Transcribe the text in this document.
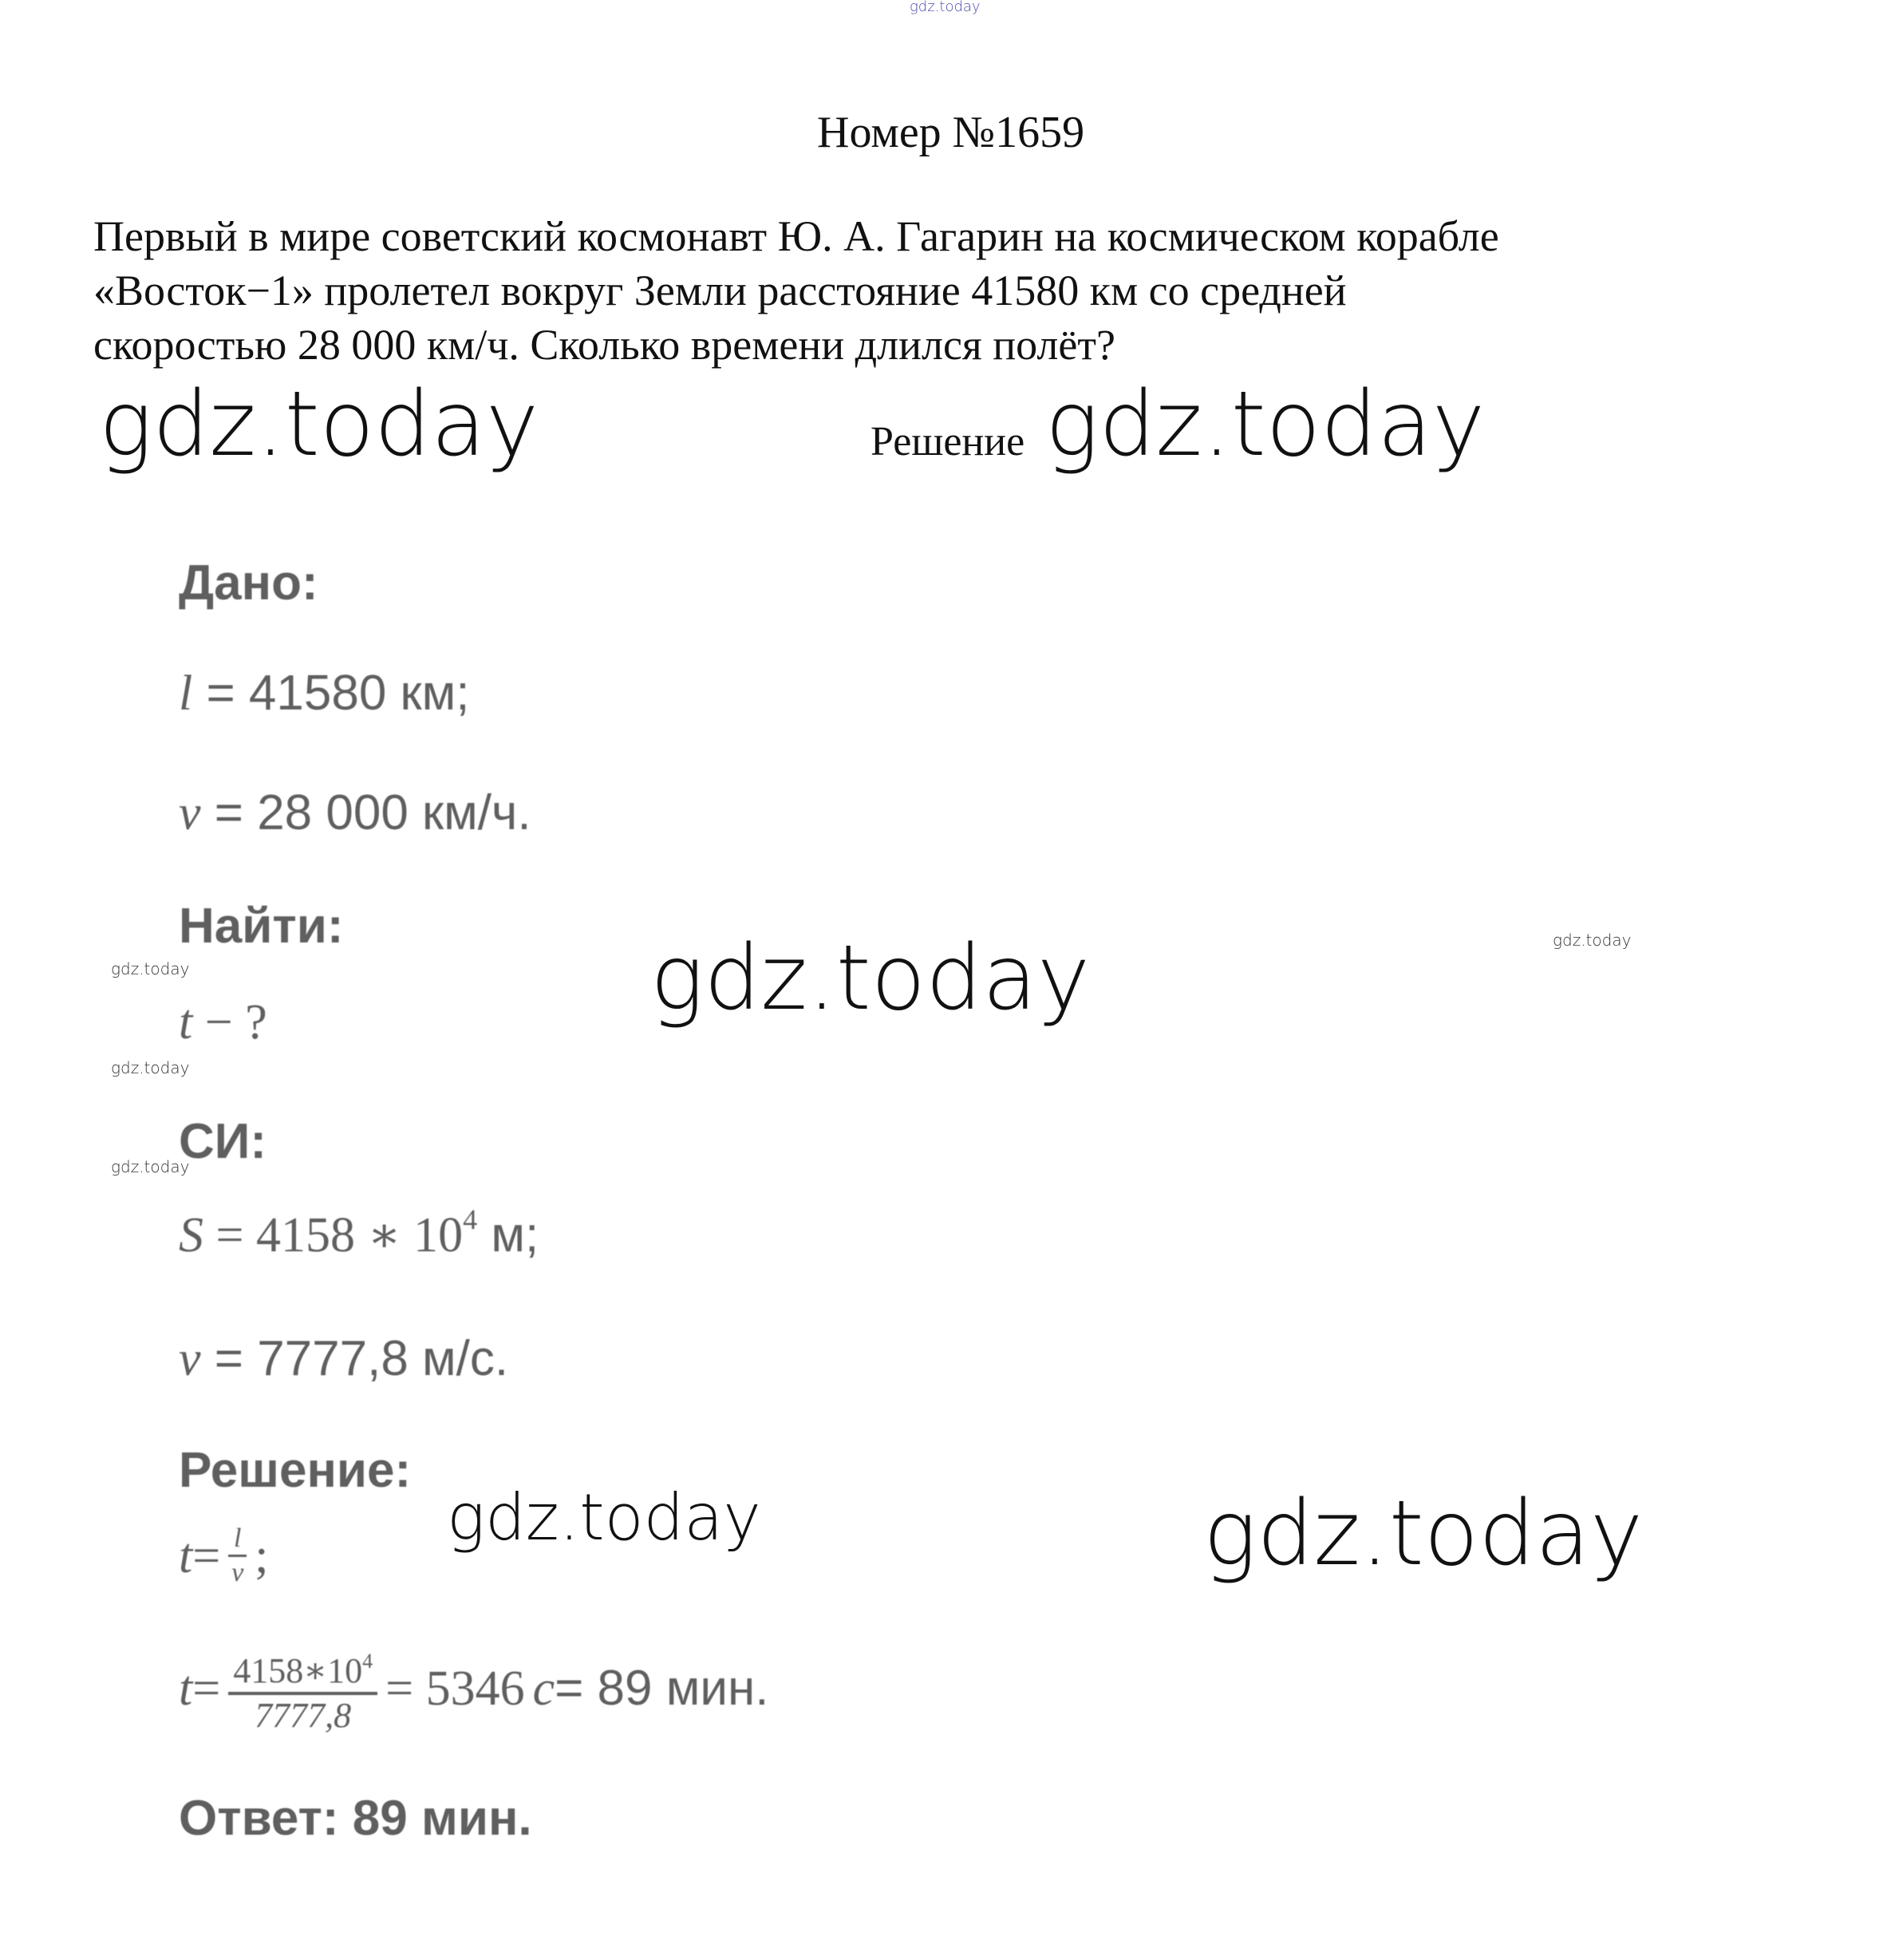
gdz.today
Номер №1659
Первый в мире советский космонавт Ю. А. Гагарин на космическом корабле
«Восток−1» пролетел вокруг Земли расстояние 41580 км со средней
скоростью 28 000 км/ч. Сколько времени длился полёт?
gdz.today	Решение gdz.today
Дано:
l = 41580 км;
v = 28 000 км/ч.
Найти:
gdz.today	gdz.today	gdz.today
t − ?
gdz.today
СИ:
gdz.today
S = 4158 ∗ $10^4$ м;
v = 7777,8 м/с.
Решение:
gdz.today	gdz.today
$t = \frac{l}{v}$ ;
$t = \frac{4158∗10^4}{7777,8} = 5346$ c = 89 мин.
Ответ: 89 мин.
